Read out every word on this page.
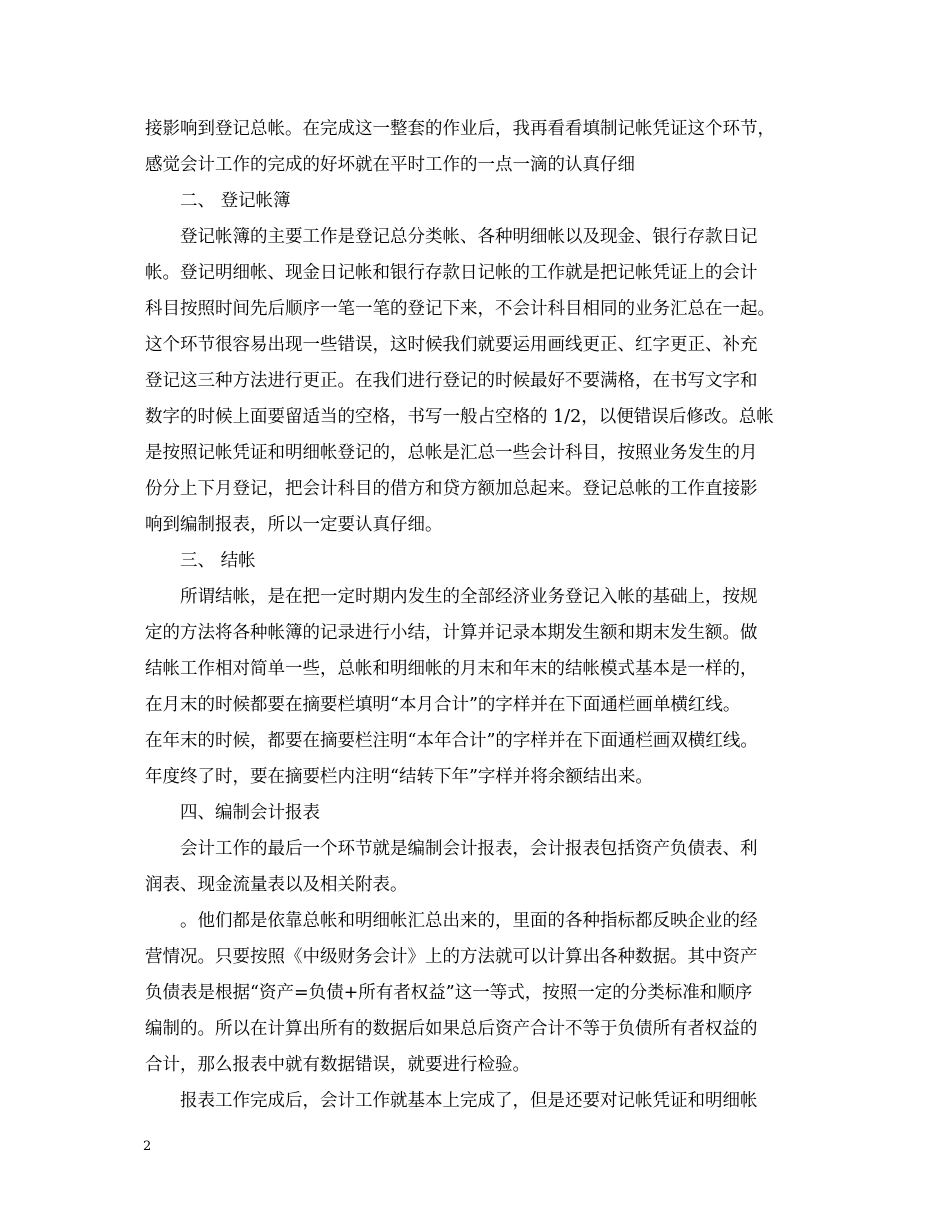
接影响到登记总帐。在完成这一整套的作业后，我再看看填制记帐凭证这个环节，
感觉会计工作的完成的好坏就在平时工作的一点一滴的认真仔细
二、 登记帐簿
登记帐簿的主要工作是登记总分类帐、各种明细帐以及现金、银行存款日记
帐。登记明细帐、现金日记帐和银行存款日记帐的工作就是把记帐凭证上的会计
科目按照时间先后顺序一笔一笔的登记下来，不会计科目相同的业务汇总在一起。
这个环节很容易出现一些错误，这时候我们就要运用画线更正、红字更正、补充
登记这三种方法进行更正。在我们进行登记的时候最好不要满格，在书写文字和
数字的时候上面要留适当的空格，书写一般占空格的 1/2，以便错误后修改。总帐
是按照记帐凭证和明细帐登记的，总帐是汇总一些会计科目，按照业务发生的月
份分上下月登记，把会计科目的借方和贷方额加总起来。登记总帐的工作直接影
响到编制报表，所以一定要认真仔细。
三、 结帐
所谓结帐，是在把一定时期内发生的全部经济业务登记入帐的基础上，按规
定的方法将各种帐簿的记录进行小结，计算并记录本期发生额和期末发生额。做
结帐工作相对简单一些，总帐和明细帐的月末和年末的结帐模式基本是一样的，
在月末的时候都要在摘要栏填明“本月合计”的字样并在下面通栏画单横红线。
在年末的时候，都要在摘要栏注明“本年合计”的字样并在下面通栏画双横红线。
年度终了时，要在摘要栏内注明“结转下年”字样并将余额结出来。
四、编制会计报表
会计工作的最后一个环节就是编制会计报表，会计报表包括资产负债表、利
润表、现金流量表以及相关附表。
。他们都是依靠总帐和明细帐汇总出来的，里面的各种指标都反映企业的经
营情况。只要按照《中级财务会计》上的方法就可以计算出各种数据。其中资产
负债表是根据“资产=负债+所有者权益”这一等式，按照一定的分类标准和顺序
编制的。所以在计算出所有的数据后如果总后资产合计不等于负债所有者权益的
合计，那么报表中就有数据错误，就要进行检验。
报表工作完成后，会计工作就基本上完成了，但是还要对记帐凭证和明细帐
2
